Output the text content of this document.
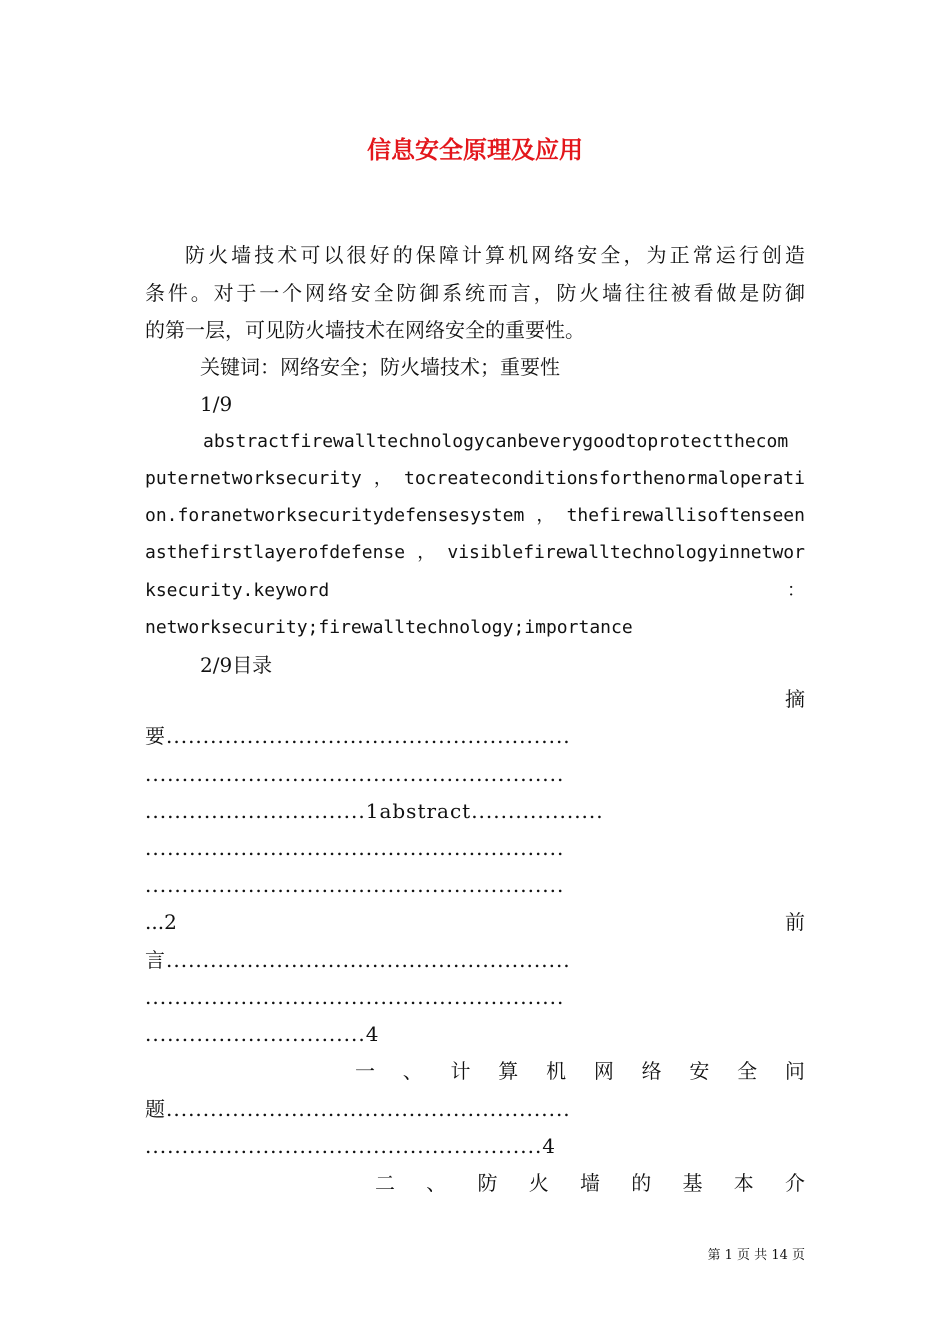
信息安全原理及应用
防火墙技术可以很好的保障计算机网络安全，为正常运行创造
条件。对于一个网络安全防御系统而言，防火墙往往被看做是防御
的第一层，可见防火墙技术在网络安全的重要性。
关键词：网络安全；防火墙技术；重要性
1/9
abstractfirewalltechnologycanbeverygoodtoprotectthecom
puternetworksecurity，tocreateconditionsforthenormaloperati
on.foranetworksecuritydefensesystem，thefirewallisoftenseen
asthefirstlayerofdefense，visiblefirewalltechnologyinnetwor
ksecurity.keyword	：
networksecurity;firewalltechnology;importance
2/9目录
摘
要.......................................................
.........................................................
..............................1abstract..................
.........................................................
.........................................................
...2	前
言.......................................................
.........................................................
..............................4
一 、 计 算 机 网 络 安 全 问
题.......................................................
......................................................4
二 、 防 火 墙 的 基 本 介
第 1 页 共 14 页
